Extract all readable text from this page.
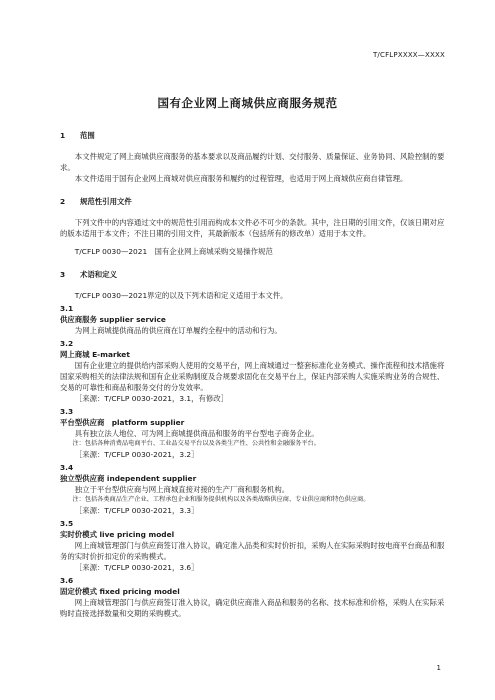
T/CFLPXXXX—XXXX
国有企业网上商城供应商服务规范
1 范围

本文件规定了网上商城供应商服务的基本要求以及商品履约计划、交付服务、质量保证、业务协同、风险控制的要求。

本文件适用于国有企业网上商城对供应商服务和履约的过程管理，也适用于网上商城供应商自律管理。

2 规范性引用文件

下列文件中的内容通过文中的规范性引用而构成本文件必不可少的条款。其中，注日期的引用文件，仅该日期对应的版本适用于本文件；不注日期的引用文件，其最新版本（包括所有的修改单）适用于本文件。

T/CFLP 0030—2021　国有企业网上商城采购交易操作规范

3 术语和定义

T/CFLP 0030—2021界定的以及下列术语和定义适用于本文件。

3.1
供应商服务 supplier service
为网上商城提供商品的供应商在订单履约全程中的活动和行为。
3.2
网上商城 E-market
国有企业建立的提供给内部采购人使用的交易平台，网上商城通过一整套标准化业务模式、操作流程和技术措施将国家采购相关的法律法规和国有企业采购制度及合规要求固化在交易平台上，保证内部采购人实施采购业务的合规性、交易的可靠性和商品和服务交付的分发效率。
［来源：T/CFLP 0030-2021，3.1，有修改］
3.3
平台型供应商　platform supplier
具有独立法人地位、可为网上商城提供商品和服务的平台型电子商务企业。
注：包括各种消费品电商平台、工业品交易平台以及各类生产性、公共性和金融服务平台。
［来源：T/CFLP 0030-2021，3.2］
3.4
独立型供应商 independent supplier
独立于平台型供应商与网上商城直接对接的生产厂商和服务机构。
注：包括各类商品生产企业、工程承包企业和服务提供机构以及各类战略供应商、专业供应商和特色供应商。
［来源：T/CFLP 0030-2021，3.3］
3.5
实时价模式 live pricing model
网上商城管理部门与供应商签订准入协议，确定准入品类和实时价折扣，采购人在实际采购时按电商平台商品和服务的实时价折扣定价的采购模式。
［来源：T/CFLP 0030-2021，3.6］
3.6
固定价模式 fixed pricing model
网上商城管理部门与供应商签订准入协议，确定供应商准入商品和服务的名称、技术标准和价格，采购人在实际采购时直接选择数量和交期的采购模式。
1
